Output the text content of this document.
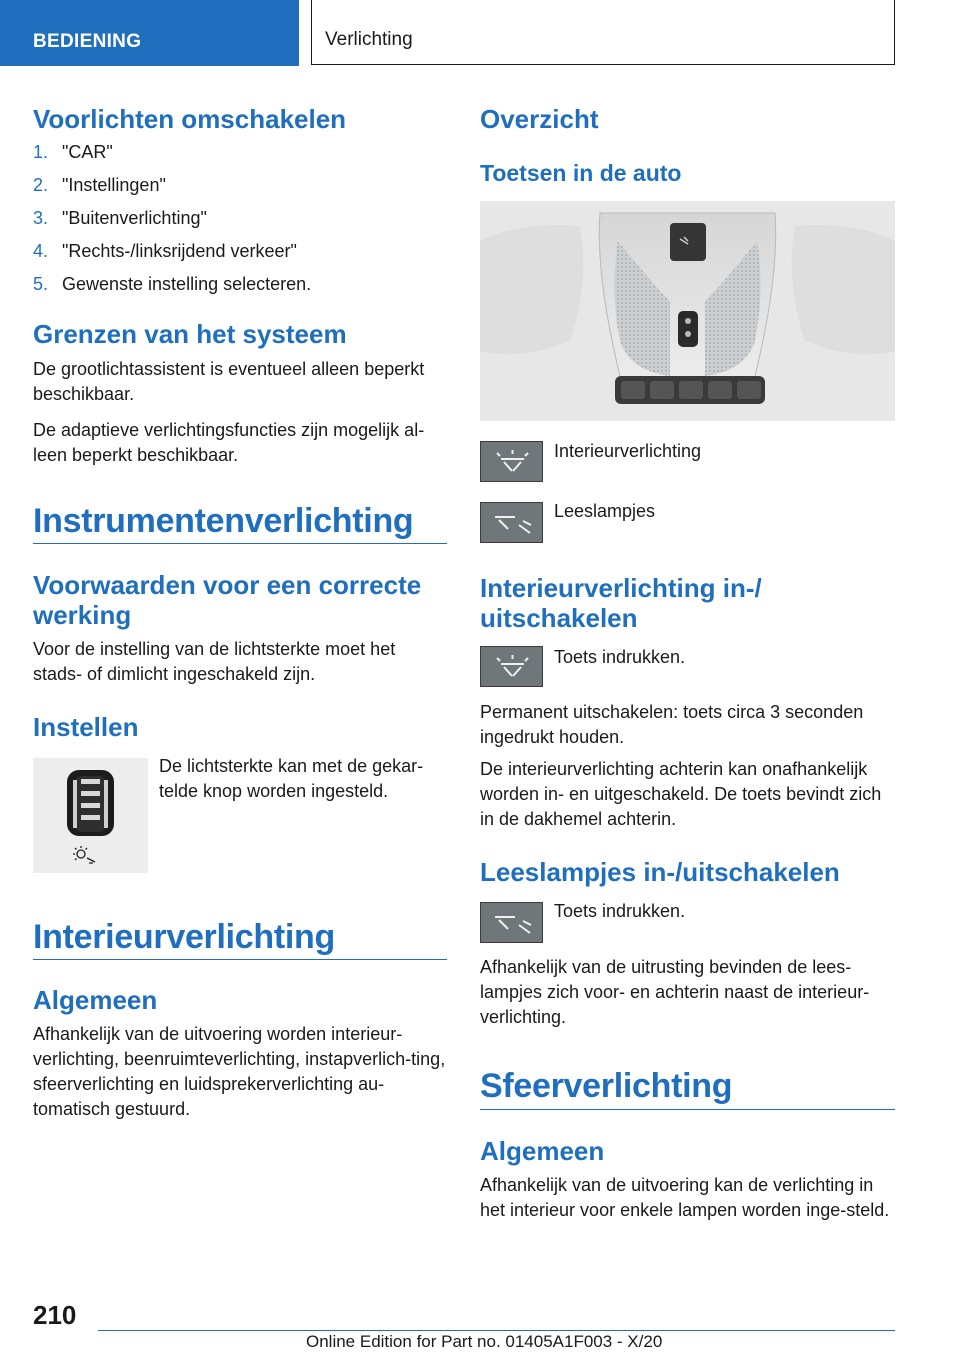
BEDIENING	Verlichting
Voorlichten omschakelen
1. "CAR"
2. "Instellingen"
3. "Buitenverlichting"
4. "Rechts-/linksrijdend verkeer"
5. Gewenste instelling selecteren.
Grenzen van het systeem
De grootlichtassistent is eventueel alleen beperkt beschikbaar.
De adaptieve verlichtingsfuncties zijn mogelijk al-leen beperkt beschikbaar.
Instrumentenverlichting
Voorwaarden voor een correcte werking
Voor de instelling van de lichtsterkte moet het stads- of dimlicht ingeschakeld zijn.
Instellen
De lichtsterkte kan met de gekar-telde knop worden ingesteld.
Interieurverlichting
Algemeen
Afhankelijk van de uitvoering worden interieur-verlichting, beenruimteverlichting, instapverlich-ting, sfeerverlichting en luidsprekerverlichting au-tomatisch gestuurd.
Overzicht
Toetsen in de auto
Interieurverlichting
Leeslampjes
Interieurverlichting in-/ uitschakelen
Toets indrukken.
Permanent uitschakelen: toets circa 3 seconden ingedrukt houden.
De interieurverlichting achterin kan onafhankelijk worden in- en uitgeschakeld. De toets bevindt zich in de dakhemel achterin.
Leeslampjes in-/uitschakelen
Toets indrukken.
Afhankelijk van de uitrusting bevinden de lees-lampjes zich voor- en achterin naast de interieur-verlichting.
Sfeerverlichting
Algemeen
Afhankelijk van de uitvoering kan de verlichting in het interieur voor enkele lampen worden inge-steld.
210
Online Edition for Part no. 01405A1F003 - X/20
